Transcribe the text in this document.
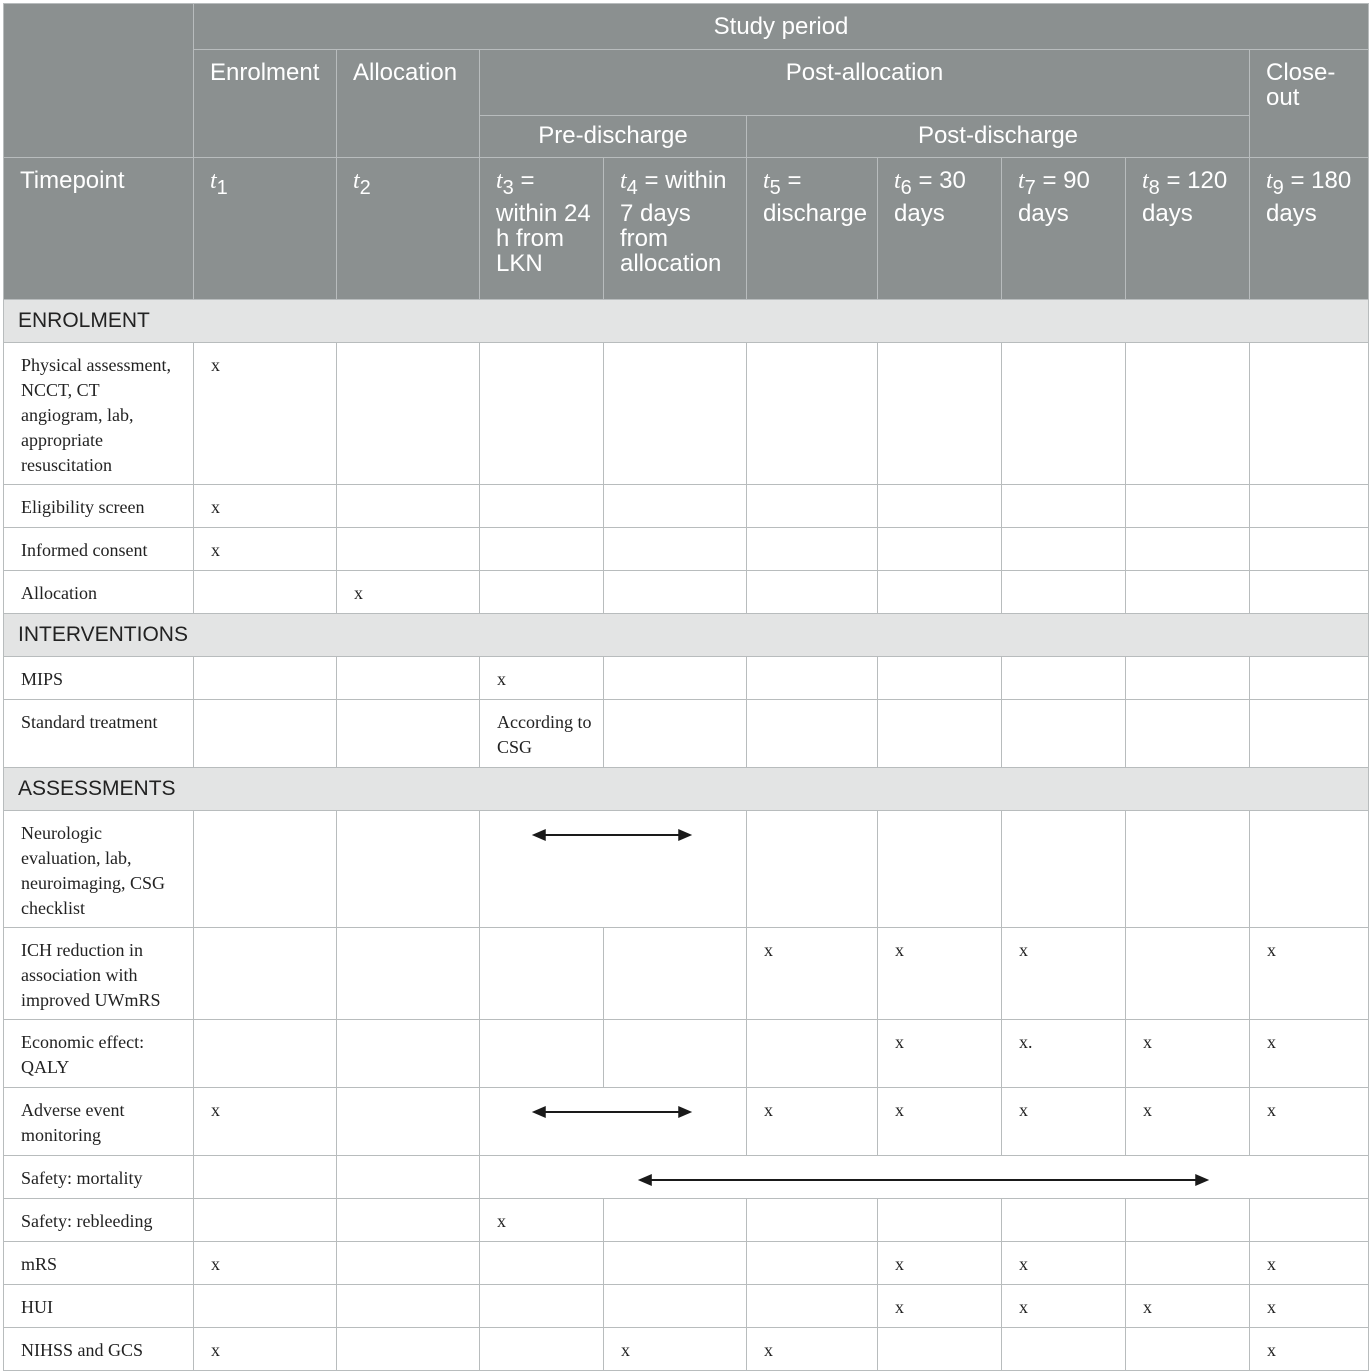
	Study period								

	Enrolment	Allocation	Post-allocation						Close-out

			Pre-discharge		Post-discharge				

Timepoint	$t_1$	$t_2$	$t_3$ = within 24 h from LKN	$t_4$ = within 7 days from allocation	$t_5$ = discharge	$t_6 = 30$ days	$t_7 = 90$ days	$t_8 = 120$ days	$t_9 = 180$ days

ENROLMENT									
Physical assessment, NCCT, CT angiogram, lab, appropriate resuscitation	x								
Eligibility screen	x								
Informed consent	x								
Allocation		x							
INTERVENTIONS									
MIPS			x						
Standard treatment			According to CSG						
ASSESSMENTS									
Neurologic evaluation, lab, neuroimaging, CSG checklist			

ICH reduction in association with improved UWmRS					x	x	x		x
Economic effect: QALY						x	x.	x	x
Adverse event monitoring	x				x	x	x	x	x
Safety: mortality			

Safety: rebleeding			x						
mRS	x					x	x		x
HUI						x	x	x	x
NIHSS and GCS	x			x	x				x
